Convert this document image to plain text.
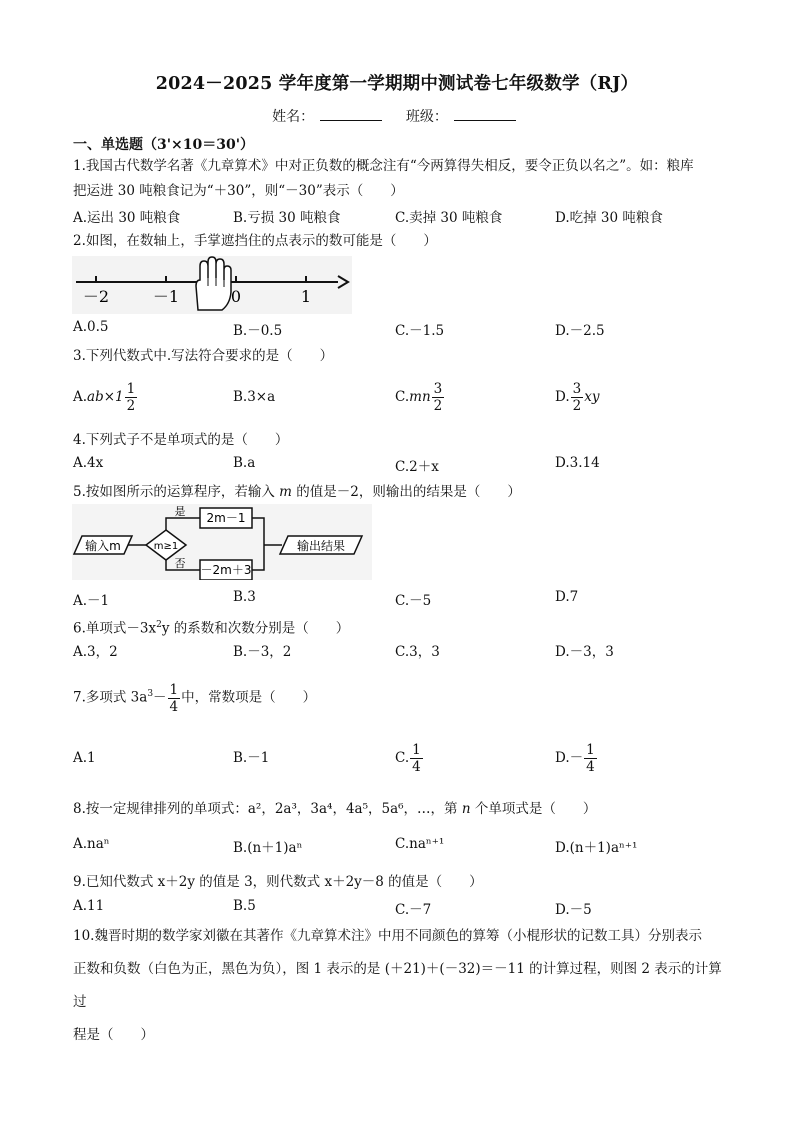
2024－2025 学年度第一学期期中测试卷七年级数学（RJ）
姓名：	班级：
一、单选题（3'×10＝30'）
1.我国古代数学名著《九章算术》中对正负数的概念注有“今两算得失相反，要令正负以名之”。如：粮库
把运进 30 吨粮食记为“＋30”，则“－30”表示（　　）
A.运出 30 吨粮食	B.亏损 30 吨粮食	C.卖掉 30 吨粮食	D.吃掉 30 吨粮食
2.如图，在数轴上，手掌遮挡住的点表示的数可能是（　　）
－2	－1	0	1
A.0.5	B.－0.5	C.－1.5	D.－2.5
3.下列代数式中.写法符合要求的是（　　）
$A.ab\times 1 \frac{1}{2}$	B.3×a	$C.mn \frac{3}{2}$	D. $\frac{3}{2}$ xy
4.下列式子不是单项式的是（　　）
A.4x	B.a	C.2＋x	D.3.14
5.按如图所示的运算程序，若输入 m 的值是－2，则输出的结果是（　　）
输入m	m≥1
是
否
2m－1
－2m＋3
输出结果
A.－1	B.3	C.－5	D.7
6.单项式$-3x^2y$ 的系数和次数分别是（　　）
A.3，2	B.－3，2	C.3，3	D.－3，3
7.多项式 $3a^3- \frac{1}{4}$ 中，常数项是（　　）
A.1	B.－1	C. $\frac{1}{4}$	$D.- \frac{1}{4}$
8.按一定规律排列的单项式：a²，2a³，3a⁴，4a⁵，5a⁶，…，第 n 个单项式是（　　）
A.naⁿ	B.(n＋1)aⁿ	C.naⁿ⁺¹	D.(n＋1)aⁿ⁺¹
9.已知代数式 x＋2y 的值是 3，则代数式 x＋2y－8 的值是（　　）
A.11	B.5	C.－7	D.－5
10.魏晋时期的数学家刘徽在其著作《九章算术注》中用不同颜色的算筹（小棍形状的记数工具）分别表示
正数和负数（白色为正，黑色为负），图 1 表示的是 (＋21)＋(－32)＝－11 的计算过程，则图 2 表示的计算过
程是（　　）
